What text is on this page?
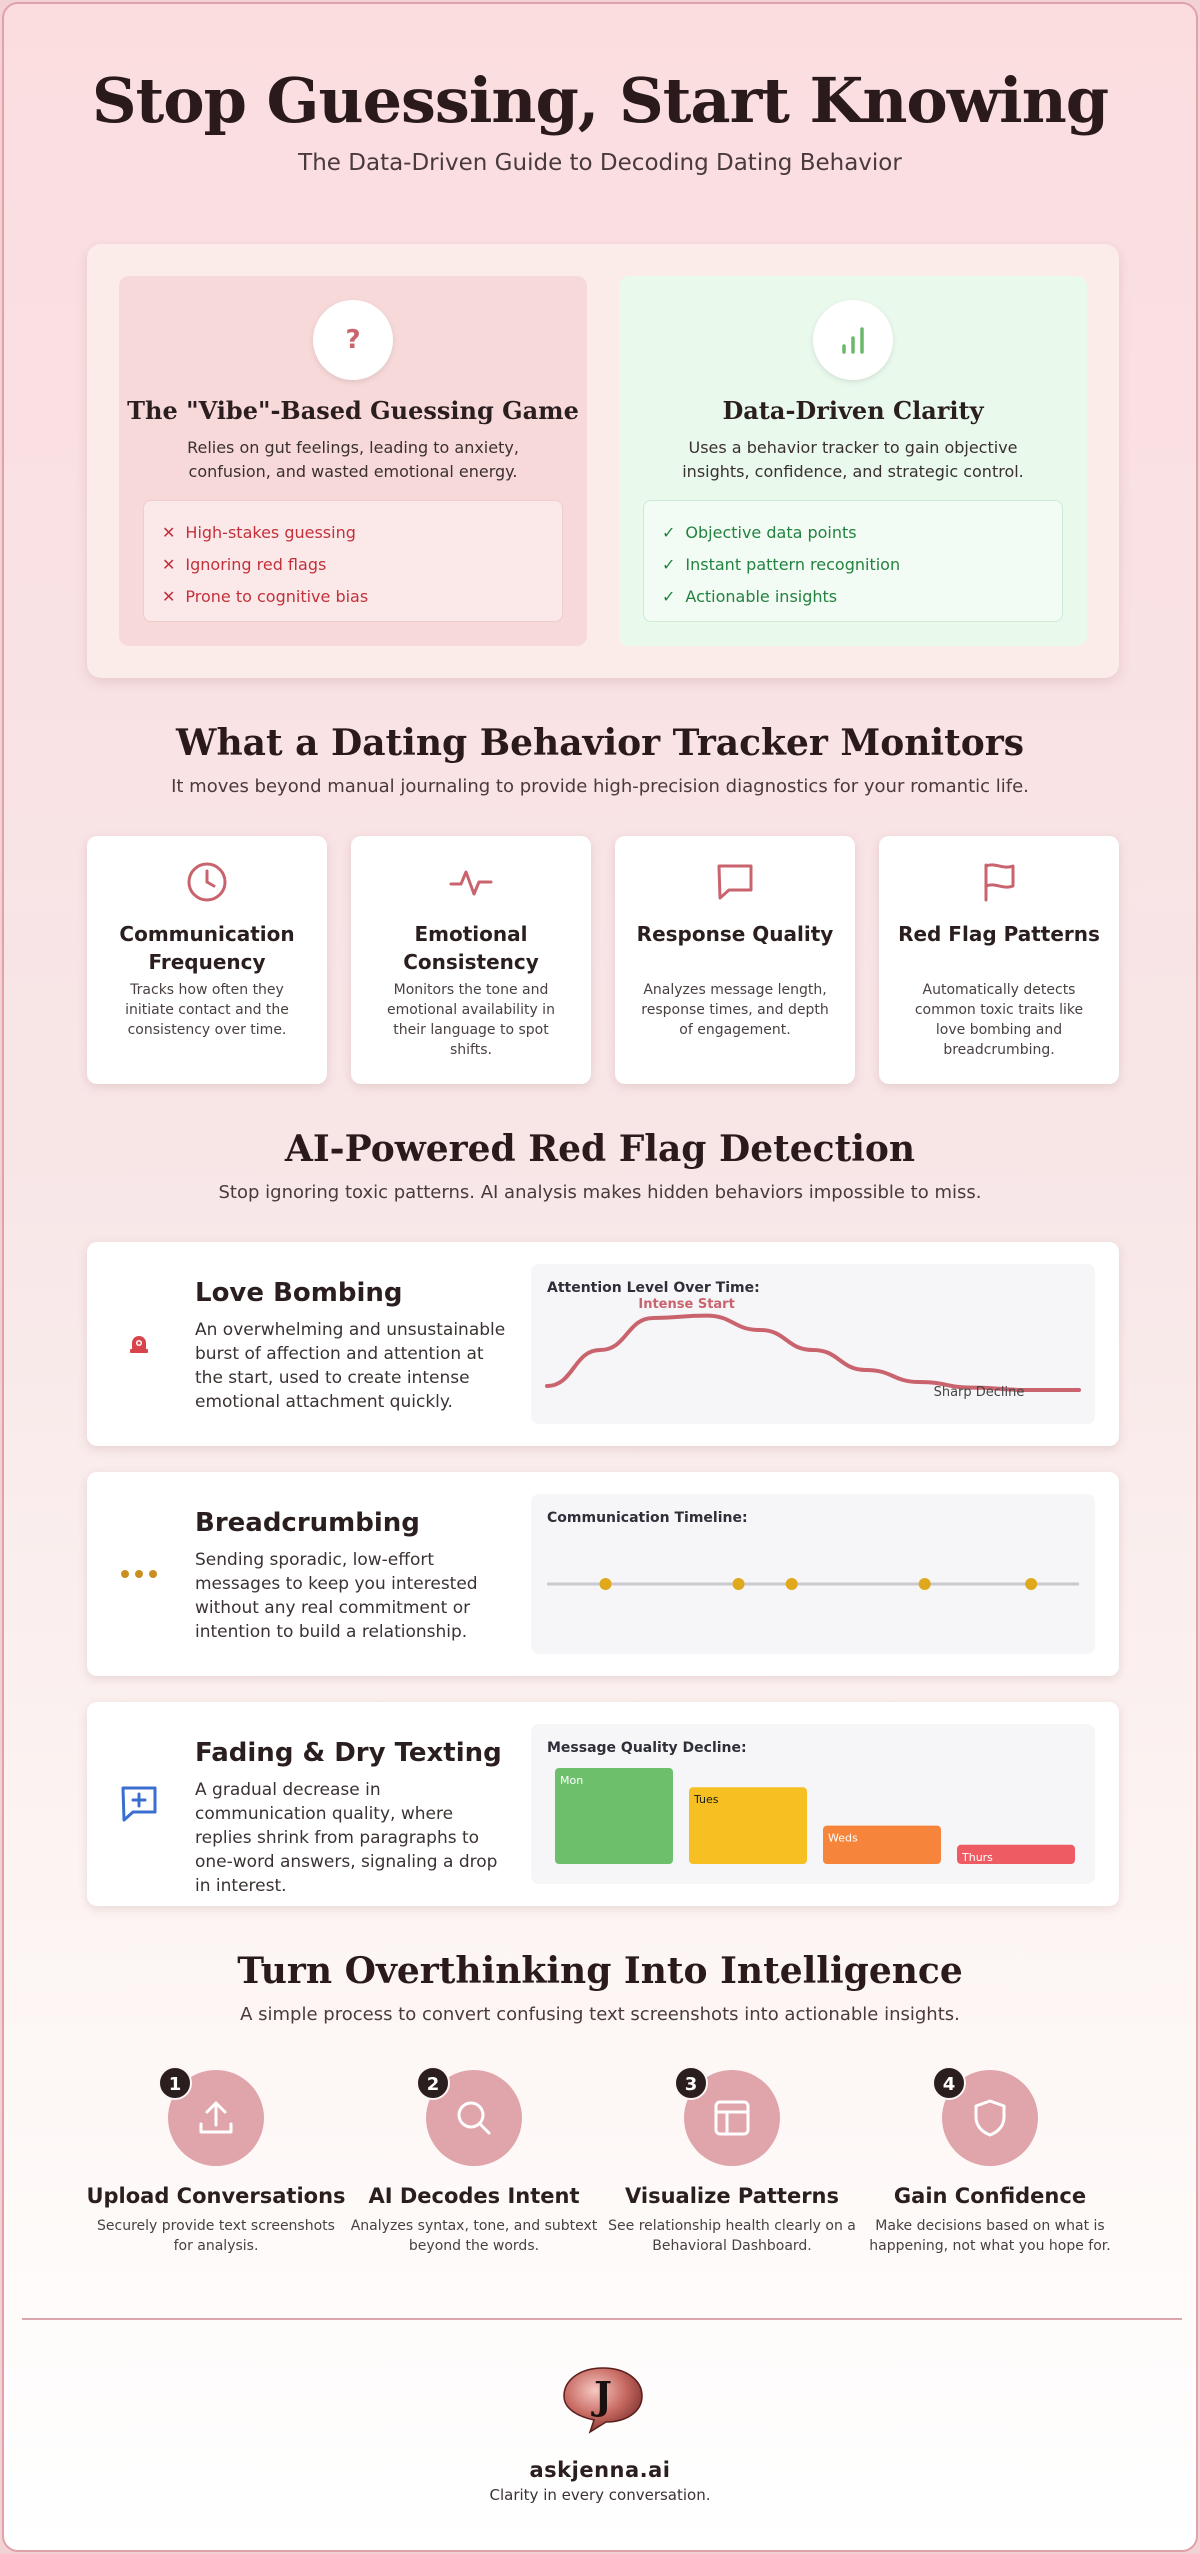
Stop Guessing, Start Knowing
The Data-Driven Guide to Decoding Dating Behavior
?
The "Vibe"-Based Guessing Game
Relies on gut feelings, leading to anxiety, confusion, and wasted emotional energy.
✕ High-stakes guessing
✕ Ignoring red flags
✕ Prone to cognitive bias
Data-Driven Clarity
Uses a behavior tracker to gain objective insights, confidence, and strategic control.
✓ Objective data points
✓ Instant pattern recognition
✓ Actionable insights
What a Dating Behavior Tracker Monitors
It moves beyond manual journaling to provide high-precision diagnostics for your romantic life.
Communication Frequency
Tracks how often they initiate contact and the consistency over time.
Emotional Consistency
Monitors the tone and emotional availability in their language to spot shifts.
Response Quality
Analyzes message length, response times, and depth of engagement.
Red Flag Patterns
Automatically detects common toxic traits like love bombing and breadcrumbing.
AI-Powered Red Flag Detection
Stop ignoring toxic patterns. AI analysis makes hidden behaviors impossible to miss.
Love Bombing
An overwhelming and unsustainable burst of affection and attention at the start, used to create intense emotional attachment quickly.
Attention Level Over Time:
Intense Start
Sharp Decline
Breadcrumbing
Sending sporadic, low-effort messages to keep you interested without any real commitment or intention to build a relationship.
Communication Timeline:
Fading & Dry Texting
A gradual decrease in communication quality, where replies shrink from paragraphs to one-word answers, signaling a drop in interest.
Message Quality Decline:
Mon
Tues
Weds
Thurs
Turn Overthinking Into Intelligence
A simple process to convert confusing text screenshots into actionable insights.
1
Upload Conversations
Securely provide text screenshots for analysis.
2
AI Decodes Intent
Analyzes syntax, tone, and subtext beyond the words.
3
Visualize Patterns
See relationship health clearly on a Behavioral Dashboard.
4
Gain Confidence
Make decisions based on what is happening, not what you hope for.
J
askjenna.ai
Clarity in every conversation.
